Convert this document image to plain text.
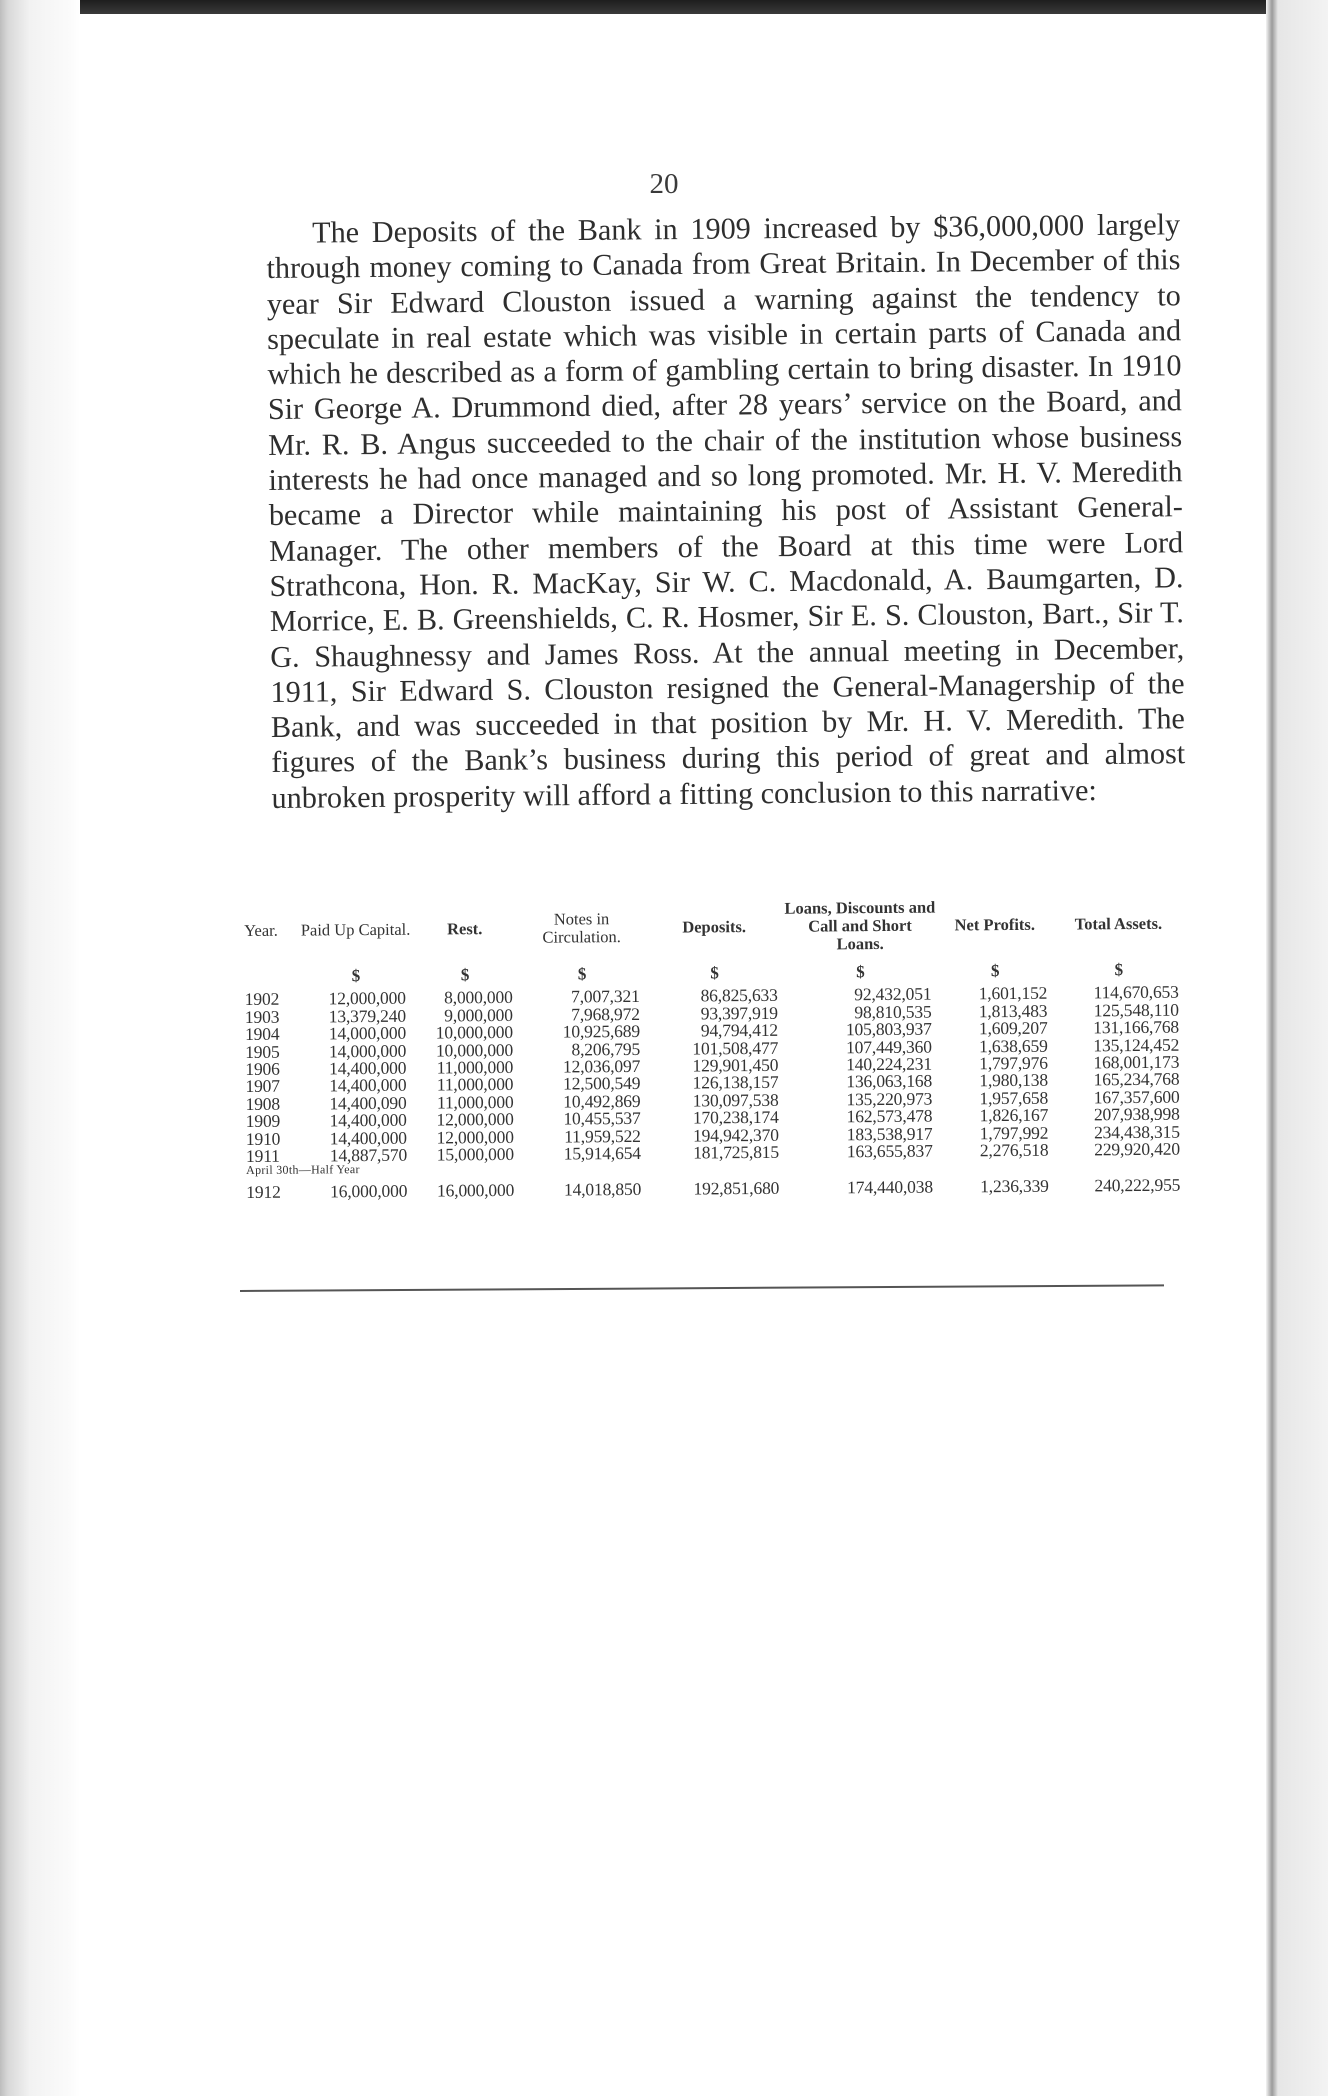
20

The Deposits of the Bank in 1909 increased by $36,000,000 largely through money coming to Canada from Great Britain. In December of this year Sir Edward Clouston issued a warning against the tendency to speculate in real estate which was visible in certain parts of Canada and which he described as a form of gambling certain to bring disaster. In 1910 Sir George A. Drummond died, after 28 years’ service on the Board, and Mr. R. B. Angus succeeded to the chair of the institution whose business interests he had once managed and so long promoted. Mr. H. V. Meredith became a Director while maintaining his post of Assistant General-Manager. The other members of the Board at this time were Lord Strathcona, Hon. R. MacKay, Sir W. C. Macdonald, A. Baumgarten, D. Morrice, E. B. Greenshields, C. R. Hosmer, Sir E. S. Clouston, Bart., Sir T. G. Shaughnessy and James Ross. At the annual meeting in December, 1911, Sir Edward S. Clouston resigned the General-Managership of the Bank, and was succeeded in that position by Mr. H. V. Meredith. The figures of the Bank’s business during this period of great and almost unbroken prosperity will afford a fitting conclusion to this narrative:

Year.	Paid Up Capital.	Rest.	Notes in Circulation.	Deposits.	Loans, Discounts and Call and Short Loans.	Net Profits.	Total Assets.
	$	$	$	$	$	$	$
1902	12,000,000	8,000,000	7,007,321	86,825,633	92,432,051	1,601,152	114,670,653
1903	13,379,240	9,000,000	7,968,972	93,397,919	98,810,535	1,813,483	125,548,110
1904	14,000,000	10,000,000	10,925,689	94,794,412	105,803,937	1,609,207	131,166,768
1905	14,000,000	10,000,000	8,206,795	101,508,477	107,449,360	1,638,659	135,124,452
1906	14,400,000	11,000,000	12,036,097	129,901,450	140,224,231	1,797,976	168,001,173
1907	14,400,000	11,000,000	12,500,549	126,138,157	136,063,168	1,980,138	165,234,768
1908	14,400,090	11,000,000	10,492,869	130,097,538	135,220,973	1,957,658	167,357,600
1909	14,400,000	12,000,000	10,455,537	170,238,174	162,573,478	1,826,167	207,938,998
1910	14,400,000	12,000,000	11,959,522	194,942,370	183,538,917	1,797,992	234,438,315
1911	14,887,570	15,000,000	15,914,654	181,725,815	163,655,837	2,276,518	229,920,420
April 30th—Half Year							
1912	16,000,000	16,000,000	14,018,850	192,851,680	174,440,038	1,236,339	240,222,955
